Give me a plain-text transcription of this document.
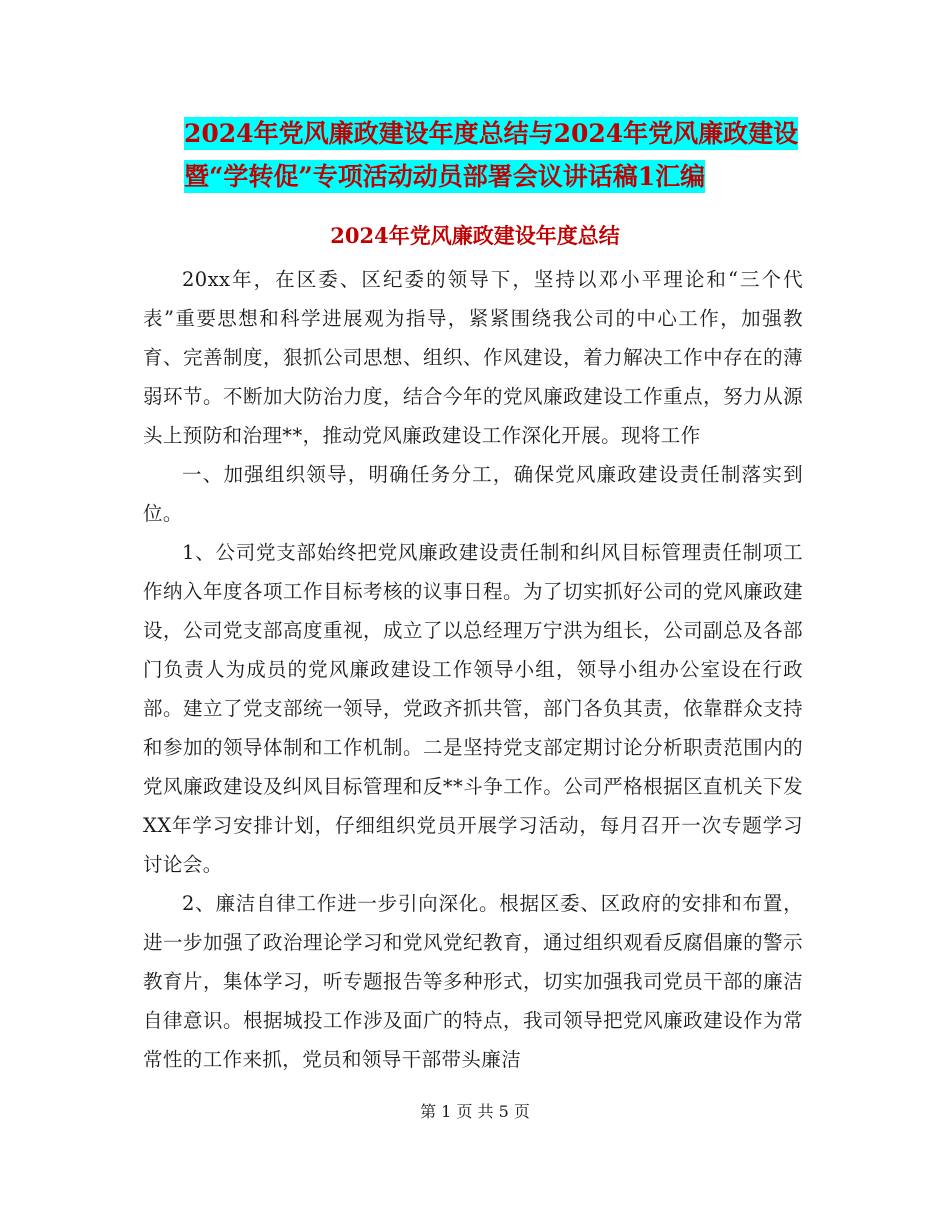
2024年党风廉政建设年度总结与2024年党风廉政建设
暨“学转促”专项活动动员部署会议讲话稿1汇编
2024年党风廉政建设年度总结

20xx年，在区委、区纪委的领导下，坚持以邓小平理论和“三个代表”重要思想和科学进展观为指导，紧紧围绕我公司的中心工作，加强教育、完善制度，狠抓公司思想、组织、作风建设，着力解决工作中存在的薄弱环节。不断加大防治力度，结合今年的党风廉政建设工作重点，努力从源头上预防和治理**，推动党风廉政建设工作深化开展。现将工作

一、加强组织领导，明确任务分工，确保党风廉政建设责任制落实到位。

1、公司党支部始终把党风廉政建设责任制和纠风目标管理责任制项工作纳入年度各项工作目标考核的议事日程。为了切实抓好公司的党风廉政建设，公司党支部高度重视，成立了以总经理万宁洪为组长，公司副总及各部门负责人为成员的党风廉政建设工作领导小组，领导小组办公室设在行政部。建立了党支部统一领导，党政齐抓共管，部门各负其责，依靠群众支持和参加的领导体制和工作机制。二是坚持党支部定期讨论分析职责范围内的党风廉政建设及纠风目标管理和反**斗争工作。公司严格根据区直机关下发XX年学习安排计划，仔细组织党员开展学习活动，每月召开一次专题学习讨论会。

2、廉洁自律工作进一步引向深化。根据区委、区政府的安排和布置，进一步加强了政治理论学习和党风党纪教育，通过组织观看反腐倡廉的警示教育片，集体学习，听专题报告等多种形式，切实加强我司党员干部的廉洁自律意识。根据城投工作涉及面广的特点，我司领导把党风廉政建设作为常常性的工作来抓，党员和领导干部带头廉洁

第 1 页 共 5 页
